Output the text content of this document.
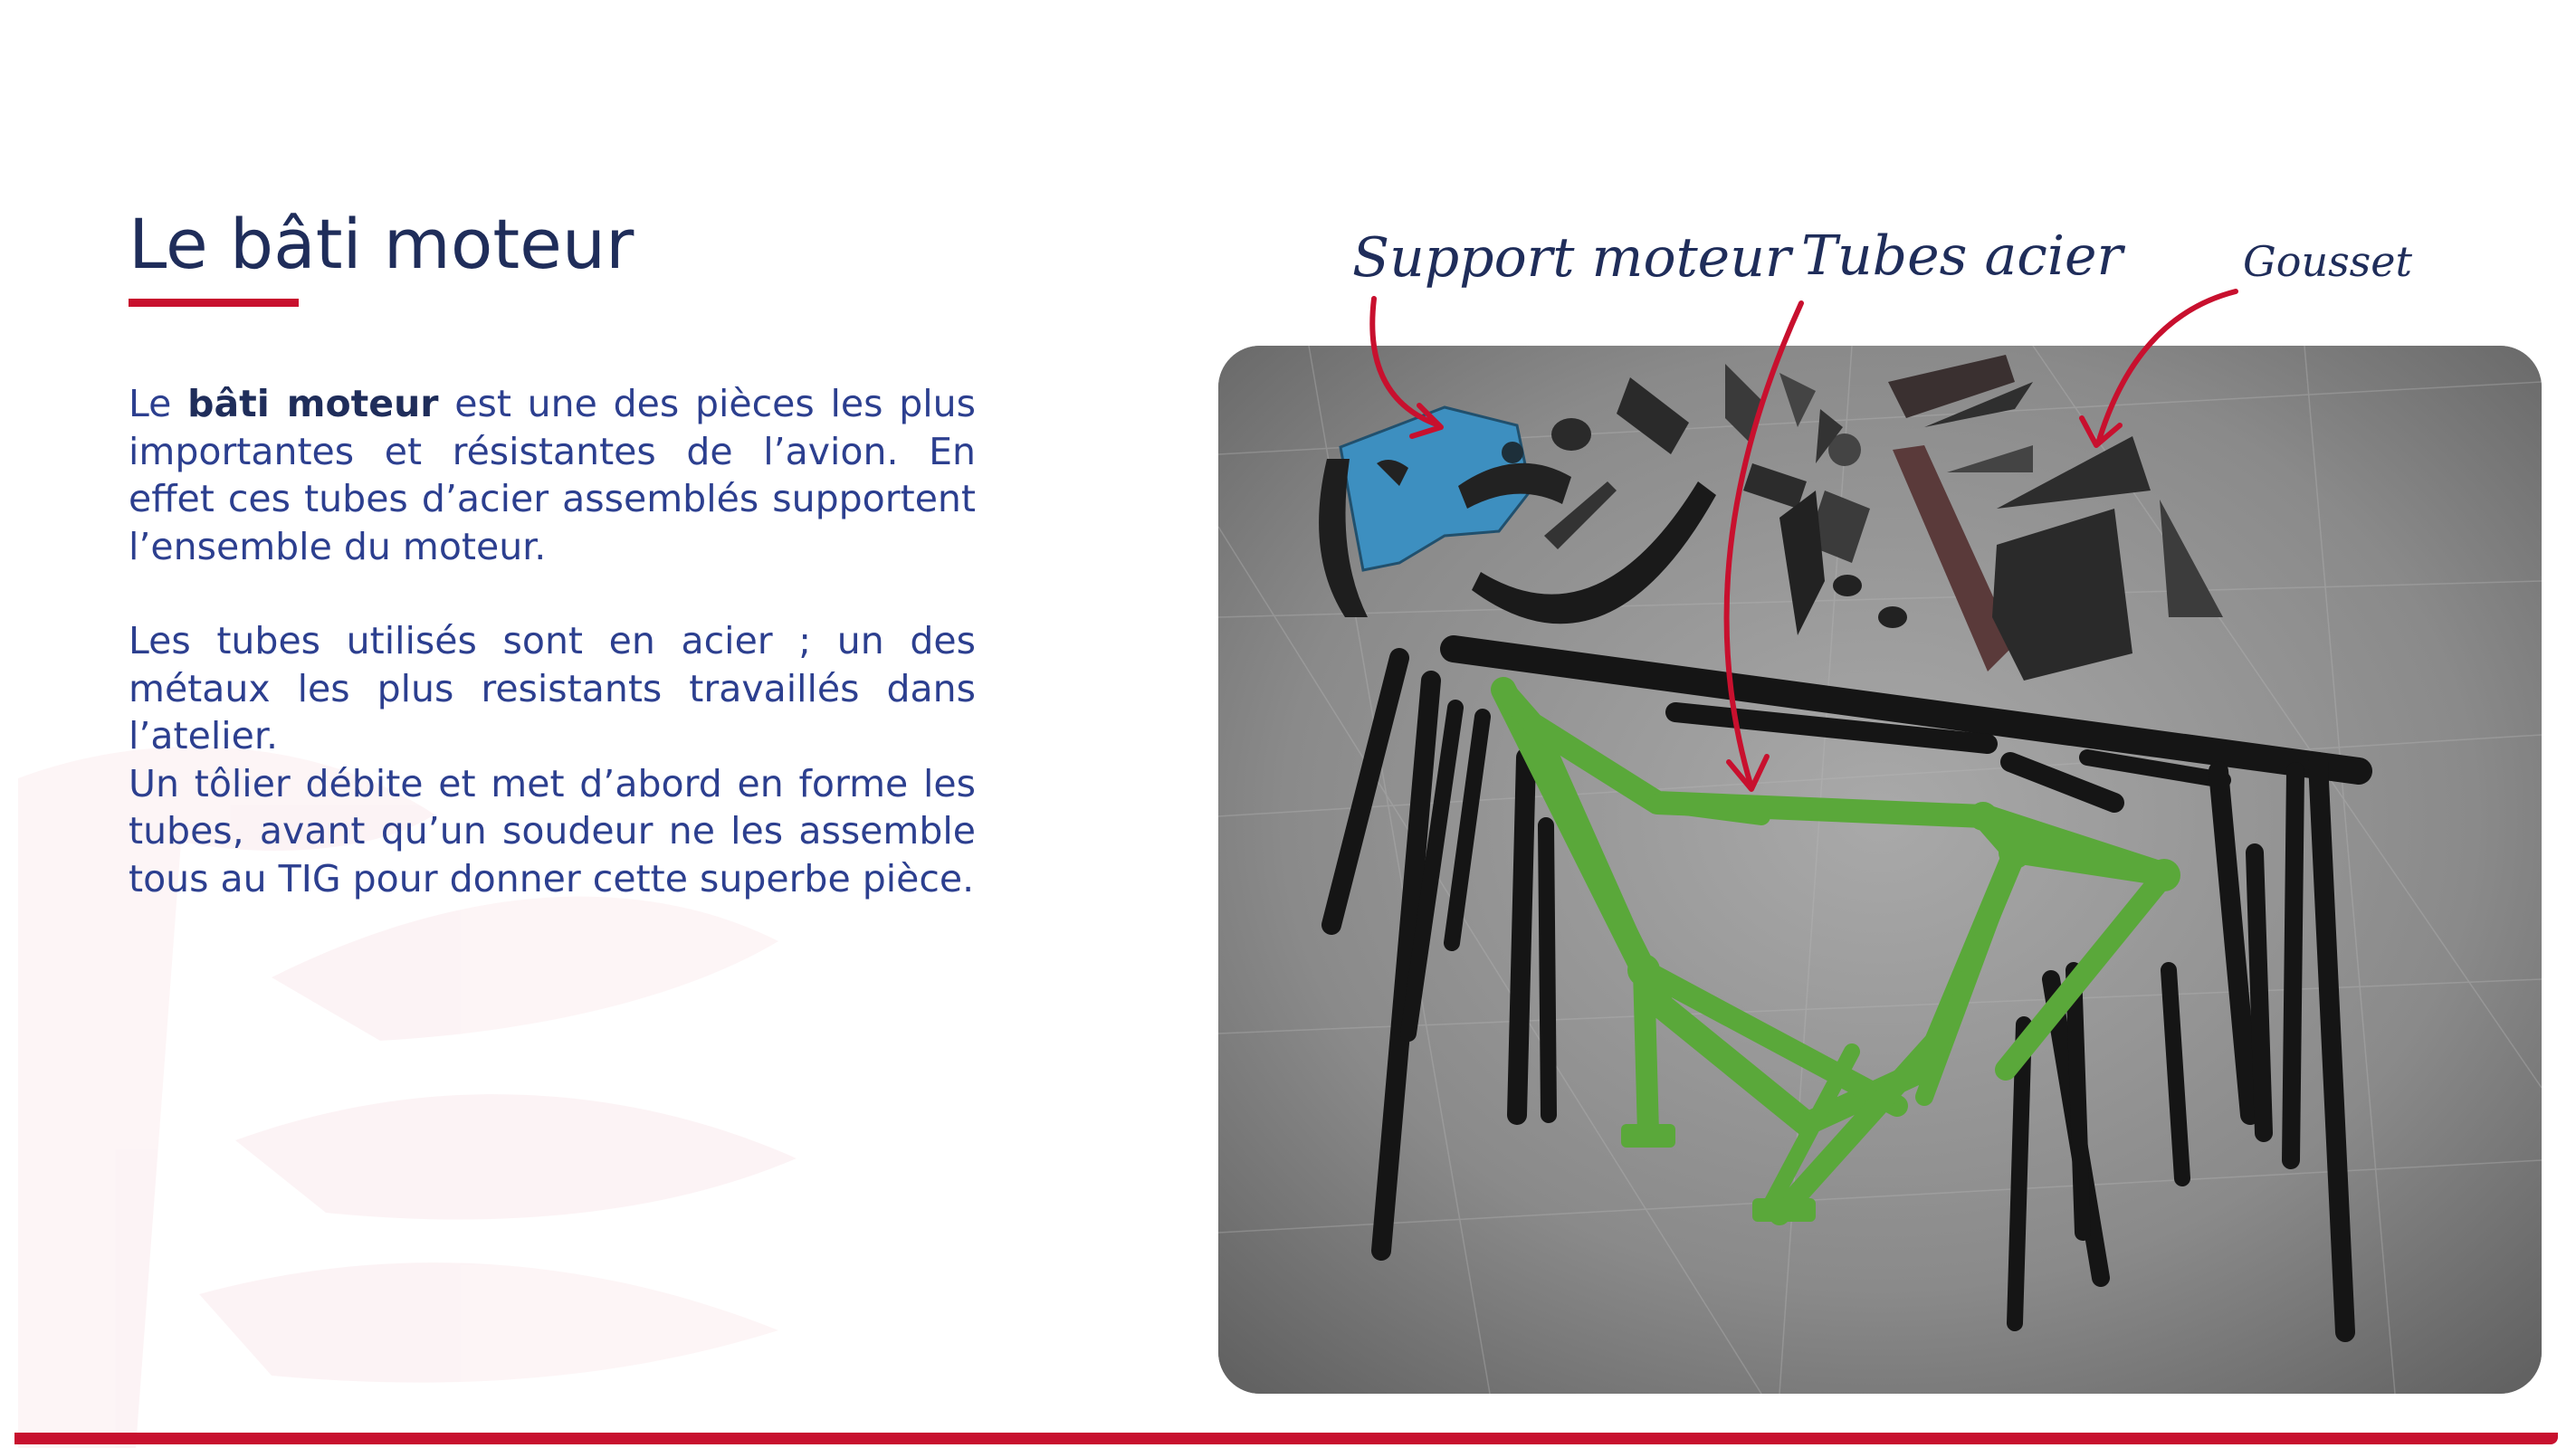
Le bâti moteur

Le bâti moteur est une des pièces les plus importantes et résistantes de l’avion. En effet ces tubes d’acier assemblés supportent l’ensemble du moteur.

Les tubes utilisés sont en acier ; un des métaux les plus resistants travaillés dans l’atelier.

Un tôlier débite et met d’abord en forme les tubes, avant qu’un soudeur ne les assemble tous au TIG pour donner cette superbe pièce.

Support moteur Tubes acier	Gousset
